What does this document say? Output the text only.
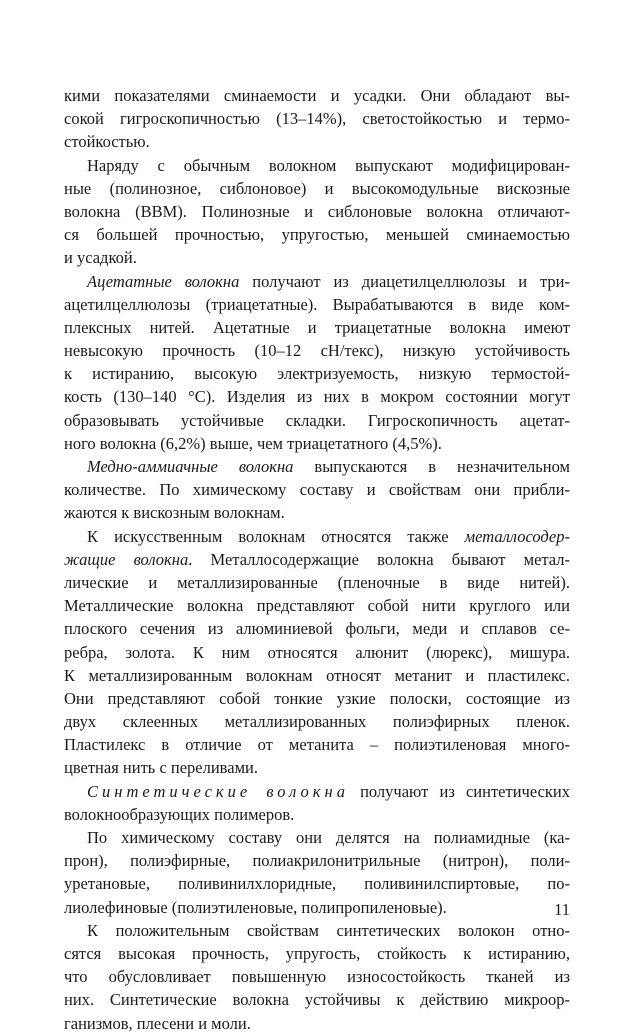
кими показателями сминаемости и усадки. Они обладают вы-
сокой гигроскопичностью (13–14%), светостойкостью и термо-
стойкостью.
Наряду с обычным волокном выпускают модифицирован-
ные (полинозное, сиблоновое) и высокомодульные вискозные
волокна (ВВМ). Полинозные и сиблоновые волокна отличают-
ся большей прочностью, упругостью, меньшей сминаемостью
и усадкой.
Ацетатные волокна получают из диацетилцеллюлозы и три-
ацетилцеллюлозы (триацетатные). Вырабатываются в виде ком-
плексных нитей. Ацетатные и триацетатные волокна имеют
невысокую прочность (10–12 сН/текс), низкую устойчивость
к истиранию, высокую электризуемость, низкую термостой-
кость (130–140 °С). Изделия из них в мокром состоянии могут
образовывать устойчивые складки. Гигроскопичность ацетат-
ного волокна (6,2%) выше, чем триацетатного (4,5%).
Медно-аммиачные волокна выпускаются в незначительном
количестве. По химическому составу и свойствам они прибли-
жаются к вискозным волокнам.
К искусственным волокнам относятся также металлосодер-
жащие волокна. Металлосодержащие волокна бывают метал-
лические и металлизированные (пленочные в виде нитей).
Металлические волокна представляют собой нити круглого или
плоского сечения из алюминиевой фольги, меди и сплавов се-
ребра, золота. К ним относятся алюнит (люрекс), мишура.
К металлизированным волокнам относят метанит и пластилекс.
Они представляют собой тонкие узкие полоски, состоящие из
двух склеенных металлизированных полиэфирных пленок.
Пластилекс в отличие от метанита – полиэтиленовая много-
цветная нить с переливами.
Синтетические волокна получают из синтетических
волокнообразующих полимеров.
По химическому составу они делятся на полиамидные (ка-
прон), полиэфирные, полиакрилонитрильные (нитрон), поли-
уретановые, поливинилхлоридные, поливинилспиртовые, по-
лиолефиновые (полиэтиленовые, полипропиленовые).
К положительным свойствам синтетических волокон отно-
сятся высокая прочность, упругость, стойкость к истиранию,
что обусловливает повышенную износостойкость тканей из
них. Синтетические волокна устойчивы к действию микроор-
ганизмов, плесени и моли.
11
